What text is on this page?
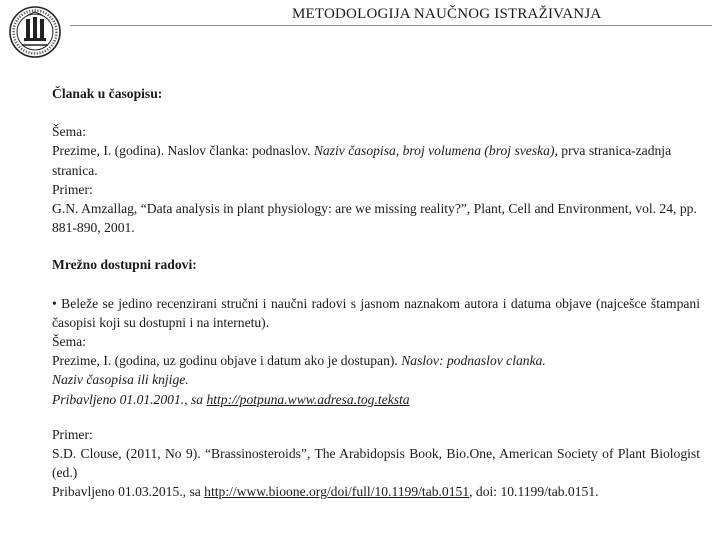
METODOLOGIJA NAUČNOG ISTRAŽIVANJA

Članak u časopisu:

Šema:

Prezime, I. (godina). Naslov članka: podnaslov. Naziv časopisa, broj volumena (broj sveska), prva stranica-zadnja stranica.

Primer:

G.N. Amzallag, “Data analysis in plant physiology: are we missing reality?”, Plant, Cell and Environment, vol. 24, pp. 881-890, 2001.

Mrežno dostupni radovi:

• Beleže se jedino recenzirani stručni i naučni radovi s jasnom naznakom autora i datuma objave (najcešce štampani časopisi koji su dostupni i na internetu).

Šema:

Prezime, I. (godina, uz godinu objave i datum ako je dostupan). Naslov: podnaslov clanka.

Naziv časopisa ili knjige.

Pribavljeno 01.01.2001., sa http://potpuna.www.adresa.tog.teksta

Primer:

S.D. Clouse, (2011, No 9). “Brassinosteroids”, The Arabidopsis Book, Bio.One, American Society of Plant Biologist (ed.)

Pribavljeno 01.03.2015., sa http://www.bioone.org/doi/full/10.1199/tab.0151, doi: 10.1199/tab.0151.
